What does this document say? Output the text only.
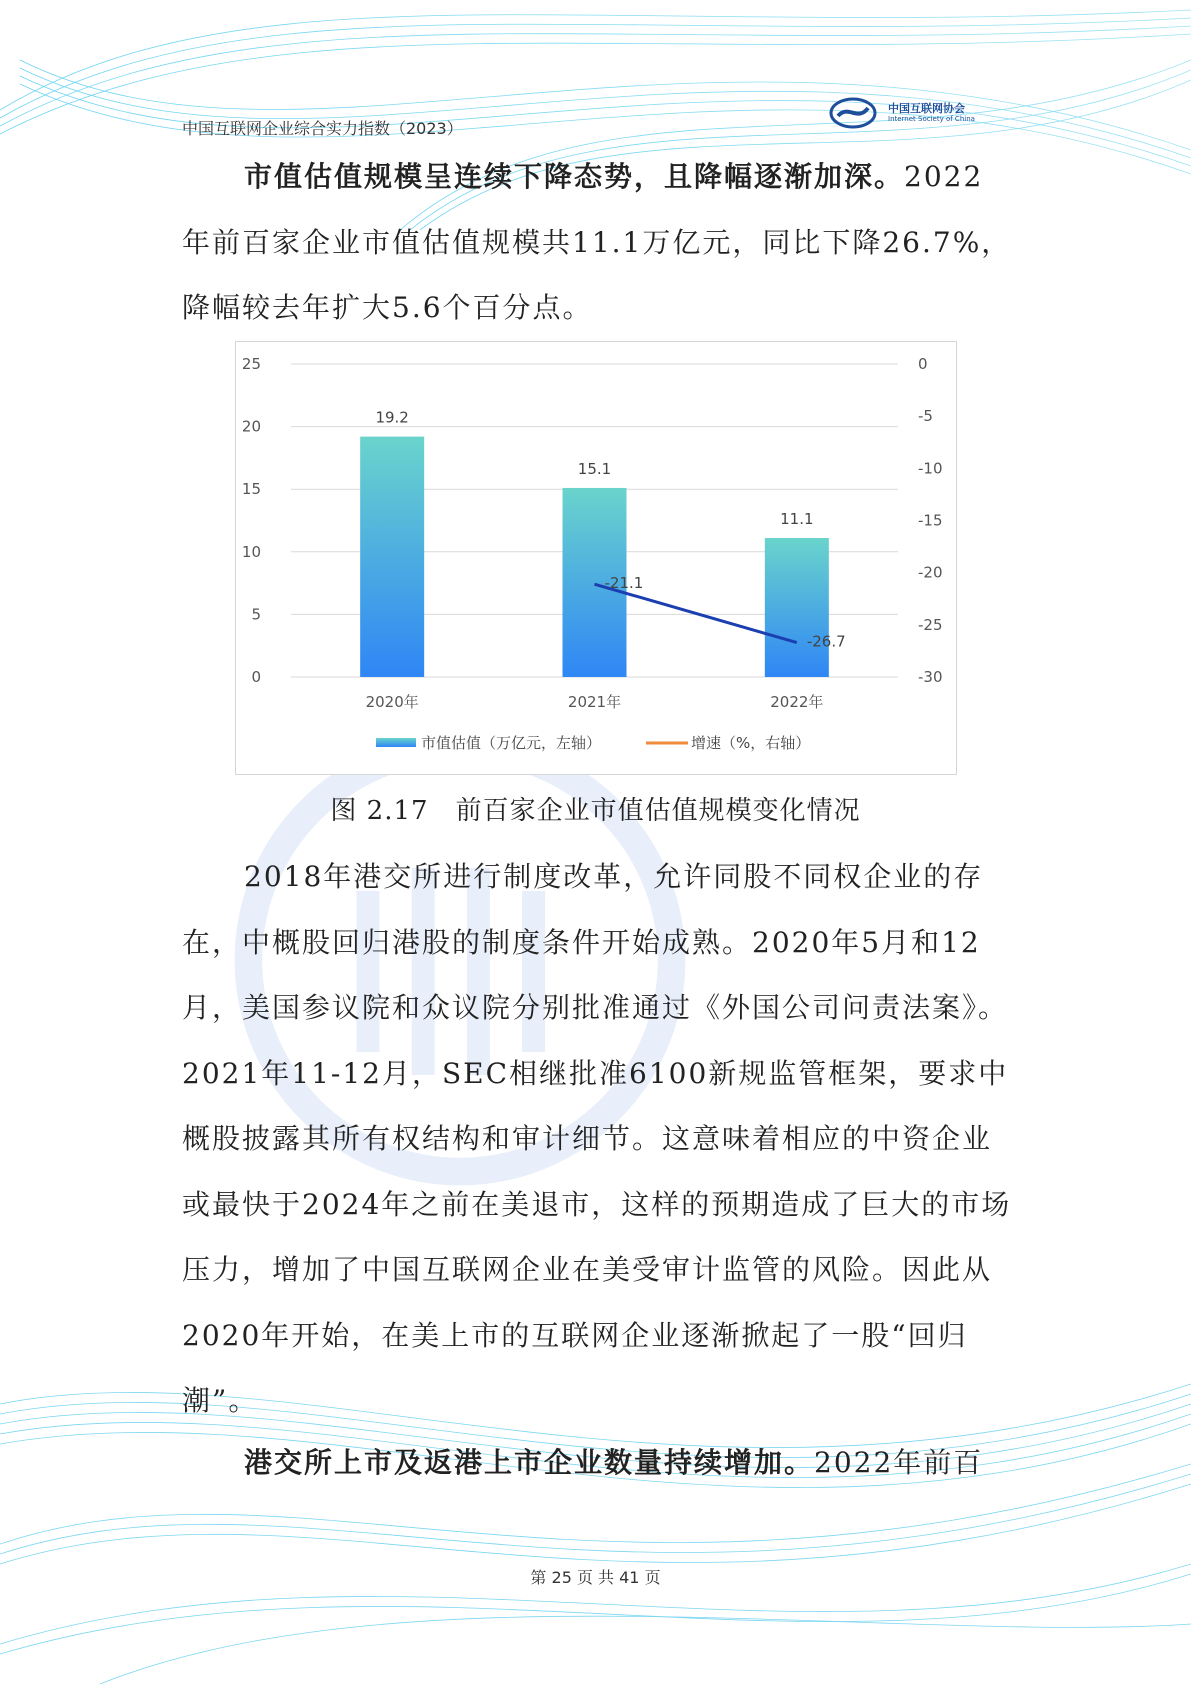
中国互联网企业综合实力指数（2023）
中国互联网协会
Internet Society of China

市值估值规模呈连续下降态势，且降幅逐渐加深。2022年前百家企业市值估值规模共11.1万亿元，同比下降26.7%，降幅较去年扩大5.6个百分点。

0
5
10
15
20
25	0
-5
-10
-15
-20
-25
-30
19.2
2020年
15.1
2021年
11.1
2022年
-21.1
-26.7
市值估值（万亿元，左轴）	增速（%，右轴）
图 2.17　前百家企业市值估值规模变化情况

2018年港交所进行制度改革，允许同股不同权企业的存在，中概股回归港股的制度条件开始成熟。2020年5月和12月，美国参议院和众议院分别批准通过《外国公司问责法案》。2021年11-12月，SEC相继批准6100新规监管框架，要求中概股披露其所有权结构和审计细节。这意味着相应的中资企业或最快于2024年之前在美退市，这样的预期造成了巨大的市场压力，增加了中国互联网企业在美受审计监管的风险。因此从2020年开始，在美上市的互联网企业逐渐掀起了一股“回归潮”。

港交所上市及返港上市企业数量持续增加。2022年前百

第 25 页 共 41 页
